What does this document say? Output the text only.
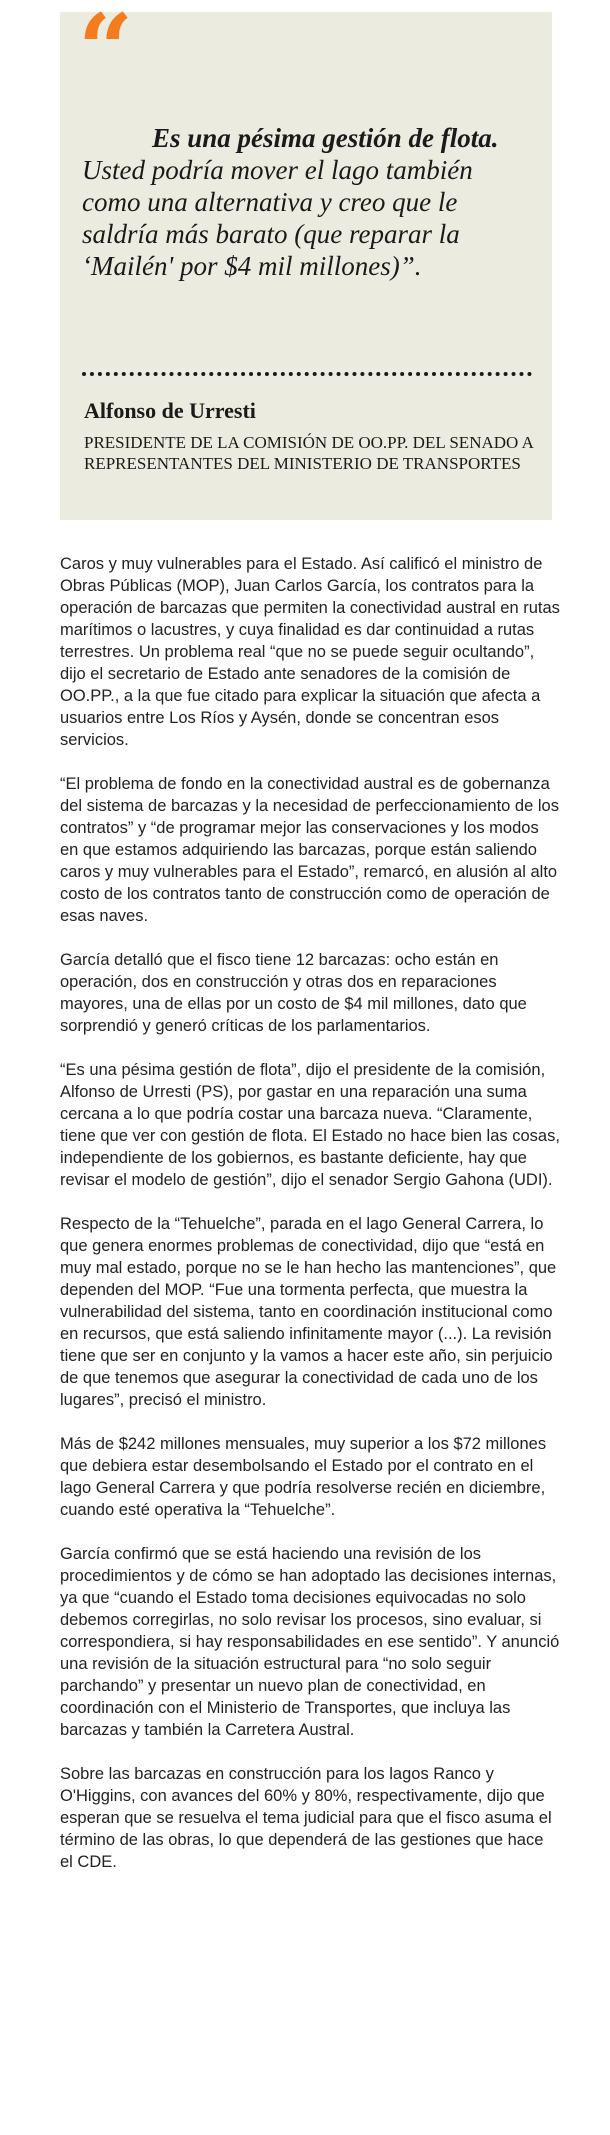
“

Es una pésima gestión de flota. Usted podría mover el lago también como una alternativa y creo que le saldría más barato (que reparar la ‘Mailén' por $4 mil millones)”.

Alfonso de Urresti

PRESIDENTE DE LA COMISIÓN DE OO.PP. DEL SENADO A REPRESENTANTES DEL MINISTERIO DE TRANSPORTES

Caros y muy vulnerables para el Estado. Así calificó el ministro de Obras Públicas (MOP), Juan Carlos García, los contratos para la operación de barcazas que permiten la conectividad austral en rutas marítimos o lacustres, y cuya finalidad es dar continuidad a rutas terrestres. Un problema real “que no se puede seguir ocultando”, dijo el secretario de Estado ante senadores de la comisión de OO.PP., a la que fue citado para explicar la situación que afecta a usuarios entre Los Ríos y Aysén, donde se concentran esos servicios.

“El problema de fondo en la conectividad austral es de gobernanza del sistema de barcazas y la necesidad de perfeccionamiento de los contratos” y “de programar mejor las conservaciones y los modos en que estamos adquiriendo las barcazas, porque están saliendo caros y muy vulnerables para el Estado”, remarcó, en alusión al alto costo de los contratos tanto de construcción como de operación de esas naves.

García detalló que el fisco tiene 12 barcazas: ocho están en operación, dos en construcción y otras dos en reparaciones mayores, una de ellas por un costo de $4 mil millones, dato que sorprendió y generó críticas de los parlamentarios.

“Es una pésima gestión de flota”, dijo el presidente de la comisión, Alfonso de Urresti (PS), por gastar en una reparación una suma cercana a lo que podría costar una barcaza nueva. “Claramente, tiene que ver con gestión de flota. El Estado no hace bien las cosas, independiente de los gobiernos, es bastante deficiente, hay que revisar el modelo de gestión”, dijo el senador Sergio Gahona (UDI).

Respecto de la “Tehuelche”, parada en el lago General Carrera, lo que genera enormes problemas de conectividad, dijo que “está en muy mal estado, porque no se le han hecho las mantenciones”, que dependen del MOP. “Fue una tormenta perfecta, que muestra la vulnerabilidad del sistema, tanto en coordinación institucional como en recursos, que está saliendo infinitamente mayor (...). La revisión tiene que ser en conjunto y la vamos a hacer este año, sin perjuicio de que tenemos que asegurar la conectividad de cada uno de los lugares”, precisó el ministro.

Más de $242 millones mensuales, muy superior a los $72 millones que debiera estar desembolsando el Estado por el contrato en el lago General Carrera y que podría resolverse recién en diciembre, cuando esté operativa la “Tehuelche”.

García confirmó que se está haciendo una revisión de los procedimientos y de cómo se han adoptado las decisiones internas, ya que “cuando el Estado toma decisiones equivocadas no solo debemos corregirlas, no solo revisar los procesos, sino evaluar, si correspondiera, si hay responsabilidades en ese sentido”. Y anunció una revisión de la situación estructural para “no solo seguir parchando” y presentar un nuevo plan de conectividad, en coordinación con el Ministerio de Transportes, que incluya las barcazas y también la Carretera Austral.

Sobre las barcazas en construcción para los lagos Ranco y O'Higgins, con avances del 60% y 80%, respectivamente, dijo que esperan que se resuelva el tema judicial para que el fisco asuma el término de las obras, lo que dependerá de las gestiones que hace el CDE.
